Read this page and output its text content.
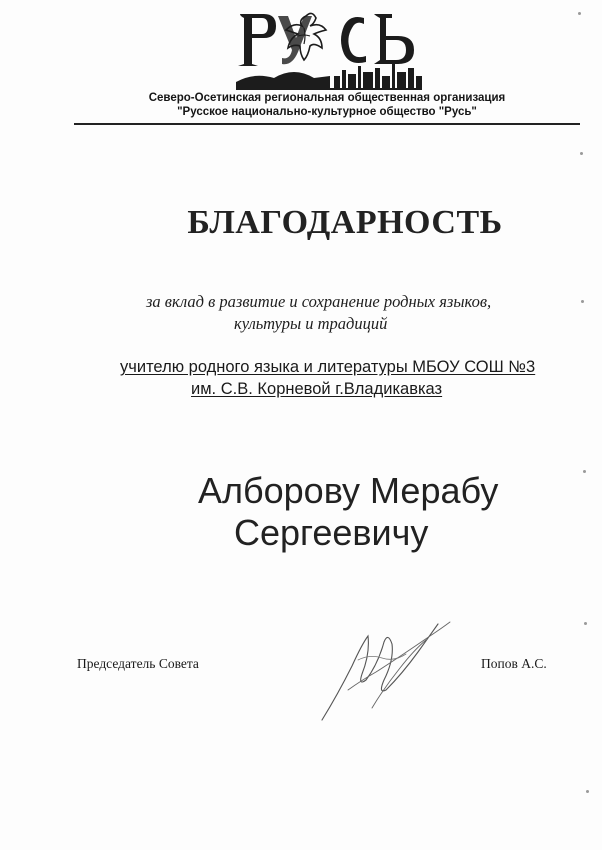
РУСЬ
Северо-Осетинская региональная общественная организация
"Русское национально-культурное общество "Русь"
БЛАГОДАРНОСТЬ
за вклад в развитие и сохранение родных языков,
культуры и традиций
учителю родного языка и литературы МБОУ СОШ №3
им. С.В. Корневой г.Владикавказ
Алборову Мерабу
Сергеевичу
Председатель Совета	Попов А.С.
